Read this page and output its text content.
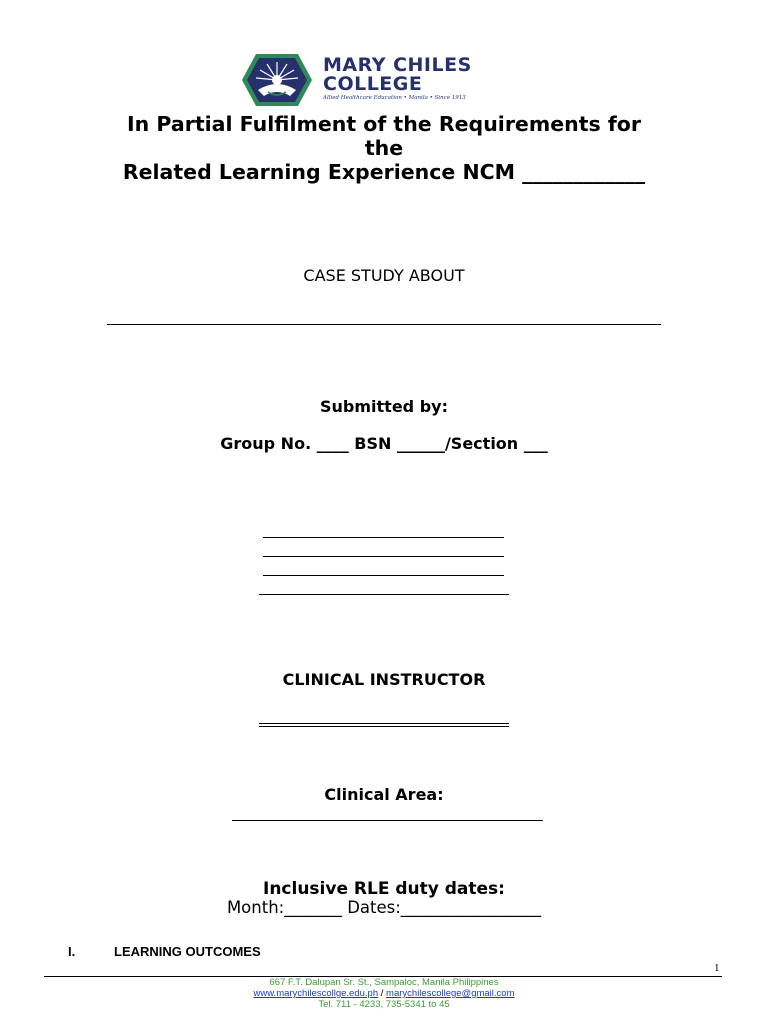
MARY CHILES
COLLEGE
Allied Healthcare Education • Manila • Since 1913
In Partial Fulfilment of the Requirements for
the
Related Learning Experience NCM ____________
CASE STUDY ABOUT
Submitted by:
Group No. ____ BSN ______/Section ___
CLINICAL INSTRUCTOR
Clinical Area:
Inclusive RLE duty dates:
Month:_______ Dates:_________________
I.	LEARNING OUTCOMES
1
667 F.T. Dalupan Sr. St., Sampaloc, Manila Philippines
www.marychilescollge.edu.ph / marychilescollege@gmail.com
Tel. 711 - 4233, 735-5341 to 45
